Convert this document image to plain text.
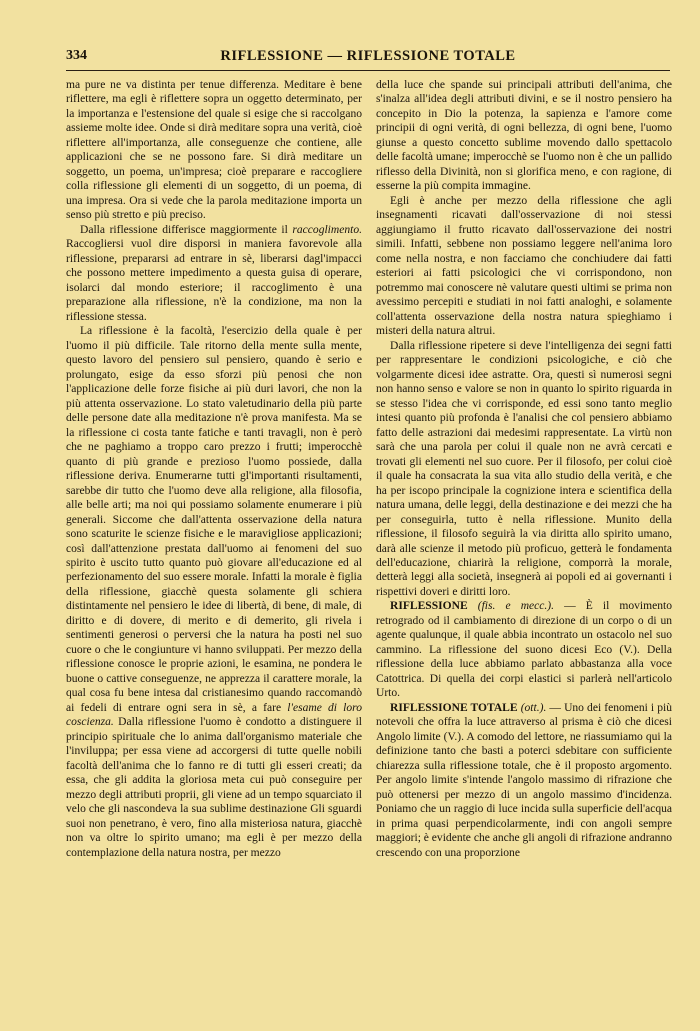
334	RIFLESSIONE — RIFLESSIONE TOTALE

ma pure ne va distinta per tenue differenza. Meditare è bene riflettere, ma egli è riflettere sopra un oggetto determinato, per la importanza e l'estensione del quale si esige che si raccolgano assieme molte idee. Onde si dirà meditare sopra una verità, cioè riflettere all'importanza, alle conseguenze che contiene, alle applicazioni che se ne possono fare. Si dirà meditare un soggetto, un poema, un'impresa; cioè preparare e raccogliere colla riflessione gli elementi di un soggetto, di un poema, di una impresa. Ora si vede che la parola meditazione importa un senso più stretto e più preciso.

Dalla riflessione differisce maggiormente il raccoglimento. Raccogliersi vuol dire disporsi in maniera favorevole alla riflessione, prepararsi ad entrare in sè, liberarsi dagl'impacci che possono mettere impedimento a questa guisa di operare, isolarci dal mondo esteriore; il raccoglimento è una preparazione alla riflessione, n'è la condizione, ma non la riflessione stessa.

La riflessione è la facoltà, l'esercizio della quale è per l'uomo il più difficile. Tale ritorno della mente sulla mente, questo lavoro del pensiero sul pensiero, quando è serio e prolungato, esige da esso sforzi più penosi che non l'applicazione delle forze fisiche ai più duri lavori, che non la più attenta osservazione. Lo stato valetudinario della più parte delle persone date alla meditazione n'è prova manifesta. Ma se la riflessione ci costa tante fatiche e tanti travagli, non è però che ne paghiamo a troppo caro prezzo i frutti; imperocchè quanto di più grande e prezioso l'uomo possiede, dalla riflessione deriva. Enumerarne tutti gl'importanti risultamenti, sarebbe dir tutto che l'uomo deve alla religione, alla filosofia, alle belle arti; ma noi qui possiamo solamente enumerare i più generali. Siccome che dall'attenta osservazione della natura sono scaturite le scienze fisiche e le maravigliose applicazioni; così dall'attenzione prestata dall'uomo ai fenomeni del suo spirito è uscito tutto quanto può giovare all'educazione ed al perfezionamento del suo essere morale. Infatti la morale è figlia della riflessione, giacchè questa solamente gli schiera distintamente nel pensiero le idee di libertà, di bene, di male, di diritto e di dovere, di merito e di demerito, gli rivela i sentimenti generosi o perversi che la natura ha posti nel suo cuore o che le congiunture vi hanno sviluppati. Per mezzo della riflessione conosce le proprie azioni, le esamina, ne pondera le buone o cattive conseguenze, ne apprezza il carattere morale, la qual cosa fu bene intesa dal cristianesimo quando raccomandò ai fedeli di entrare ogni sera in sè, a fare l'esame di loro coscienza. Dalla riflessione l'uomo è condotto a distinguere il principio spirituale che lo anima dall'organismo materiale che l'inviluppa; per essa viene ad accorgersi di tutte quelle nobili facoltà dell'anima che lo fanno re di tutti gli esseri creati; da essa, che gli addita la gloriosa meta cui può conseguire per mezzo degli attributi proprii, gli viene ad un tempo squarciato il velo che gli nascondeva la sua sublime destinazione Gli sguardi suoi non penetrano, è vero, fino alla misteriosa natura, giacchè non va oltre lo spirito umano; ma egli è per mezzo della contemplazione della natura nostra, per mezzo

della luce che spande sui principali attributi dell'anima, che s'inalza all'idea degli attributi divini, e se il nostro pensiero ha concepito in Dio la potenza, la sapienza e l'amore come principii di ogni verità, di ogni bellezza, di ogni bene, l'uomo giunse a questo concetto sublime movendo dallo spettacolo delle facoltà umane; imperocchè se l'uomo non è che un pallido riflesso della Divinità, non si glorifica meno, e con ragione, di esserne la più compita immagine.

Egli è anche per mezzo della riflessione che agli insegnamenti ricavati dall'osservazione di noi stessi aggiungiamo il frutto ricavato dall'osservazione dei nostri simili. Infatti, sebbene non possiamo leggere nell'anima loro come nella nostra, e non facciamo che conchiudere dai fatti esteriori ai fatti psicologici che vi corrispondono, non potremmo mai conoscere nè valutare questi ultimi se prima non avessimo percepiti e studiati in noi fatti analoghi, e solamente coll'attenta osservazione della nostra natura spieghiamo i misteri della natura altrui.

Dalla riflessione ripetere si deve l'intelligenza dei segni fatti per rappresentare le condizioni psicologiche, e ciò che volgarmente dicesi idee astratte. Ora, questi sì numerosi segni non hanno senso e valore se non in quanto lo spirito riguarda in se stesso l'idea che vi corrisponde, ed essi sono tanto meglio intesi quanto più profonda è l'analisi che col pensiero abbiamo fatto delle astrazioni dai medesimi rappresentate. La virtù non sarà che una parola per colui il quale non ne avrà cercati e trovati gli elementi nel suo cuore. Per il filosofo, per colui cioè il quale ha consacrata la sua vita allo studio della verità, e che ha per iscopo principale la cognizione intera e scientifica della natura umana, delle leggi, della destinazione e dei mezzi che ha per conseguirla, tutto è nella riflessione. Munito della riflessione, il filosofo seguirà la via diritta allo spirito umano, darà alle scienze il metodo più proficuo, getterà le fondamenta dell'educazione, chiarirà la religione, comporrà la morale, detterà leggi alla società, insegnerà ai popoli ed ai governanti i rispettivi doveri e diritti loro.

RIFLESSIONE (fis. e mecc.). — È il movimento retrogrado od il cambiamento di direzione di un corpo o di un agente qualunque, il quale abbia incontrato un ostacolo nel suo cammino. La riflessione del suono dicesi Eco (V.). Della riflessione della luce abbiamo parlato abbastanza alla voce Catottrica. Di quella dei corpi elastici si parlerà nell'articolo Urto.

RIFLESSIONE TOTALE (ott.). — Uno dei fenomeni i più notevoli che offra la luce attraverso al prisma è ciò che dicesi Angolo limite (V.). A comodo del lettore, ne riassumiamo qui la definizione tanto che basti a poterci sdebitare con sufficiente chiarezza sulla riflessione totale, che è il proposto argomento. Per angolo limite s'intende l'angolo massimo di rifrazione che può ottenersi per mezzo di un angolo massimo d'incidenza. Poniamo che un raggio di luce incida sulla superficie dell'acqua in prima quasi perpendicolarmente, indi con angoli sempre maggiori; è evidente che anche gli angoli di rifrazione andranno crescendo con una proporzione
